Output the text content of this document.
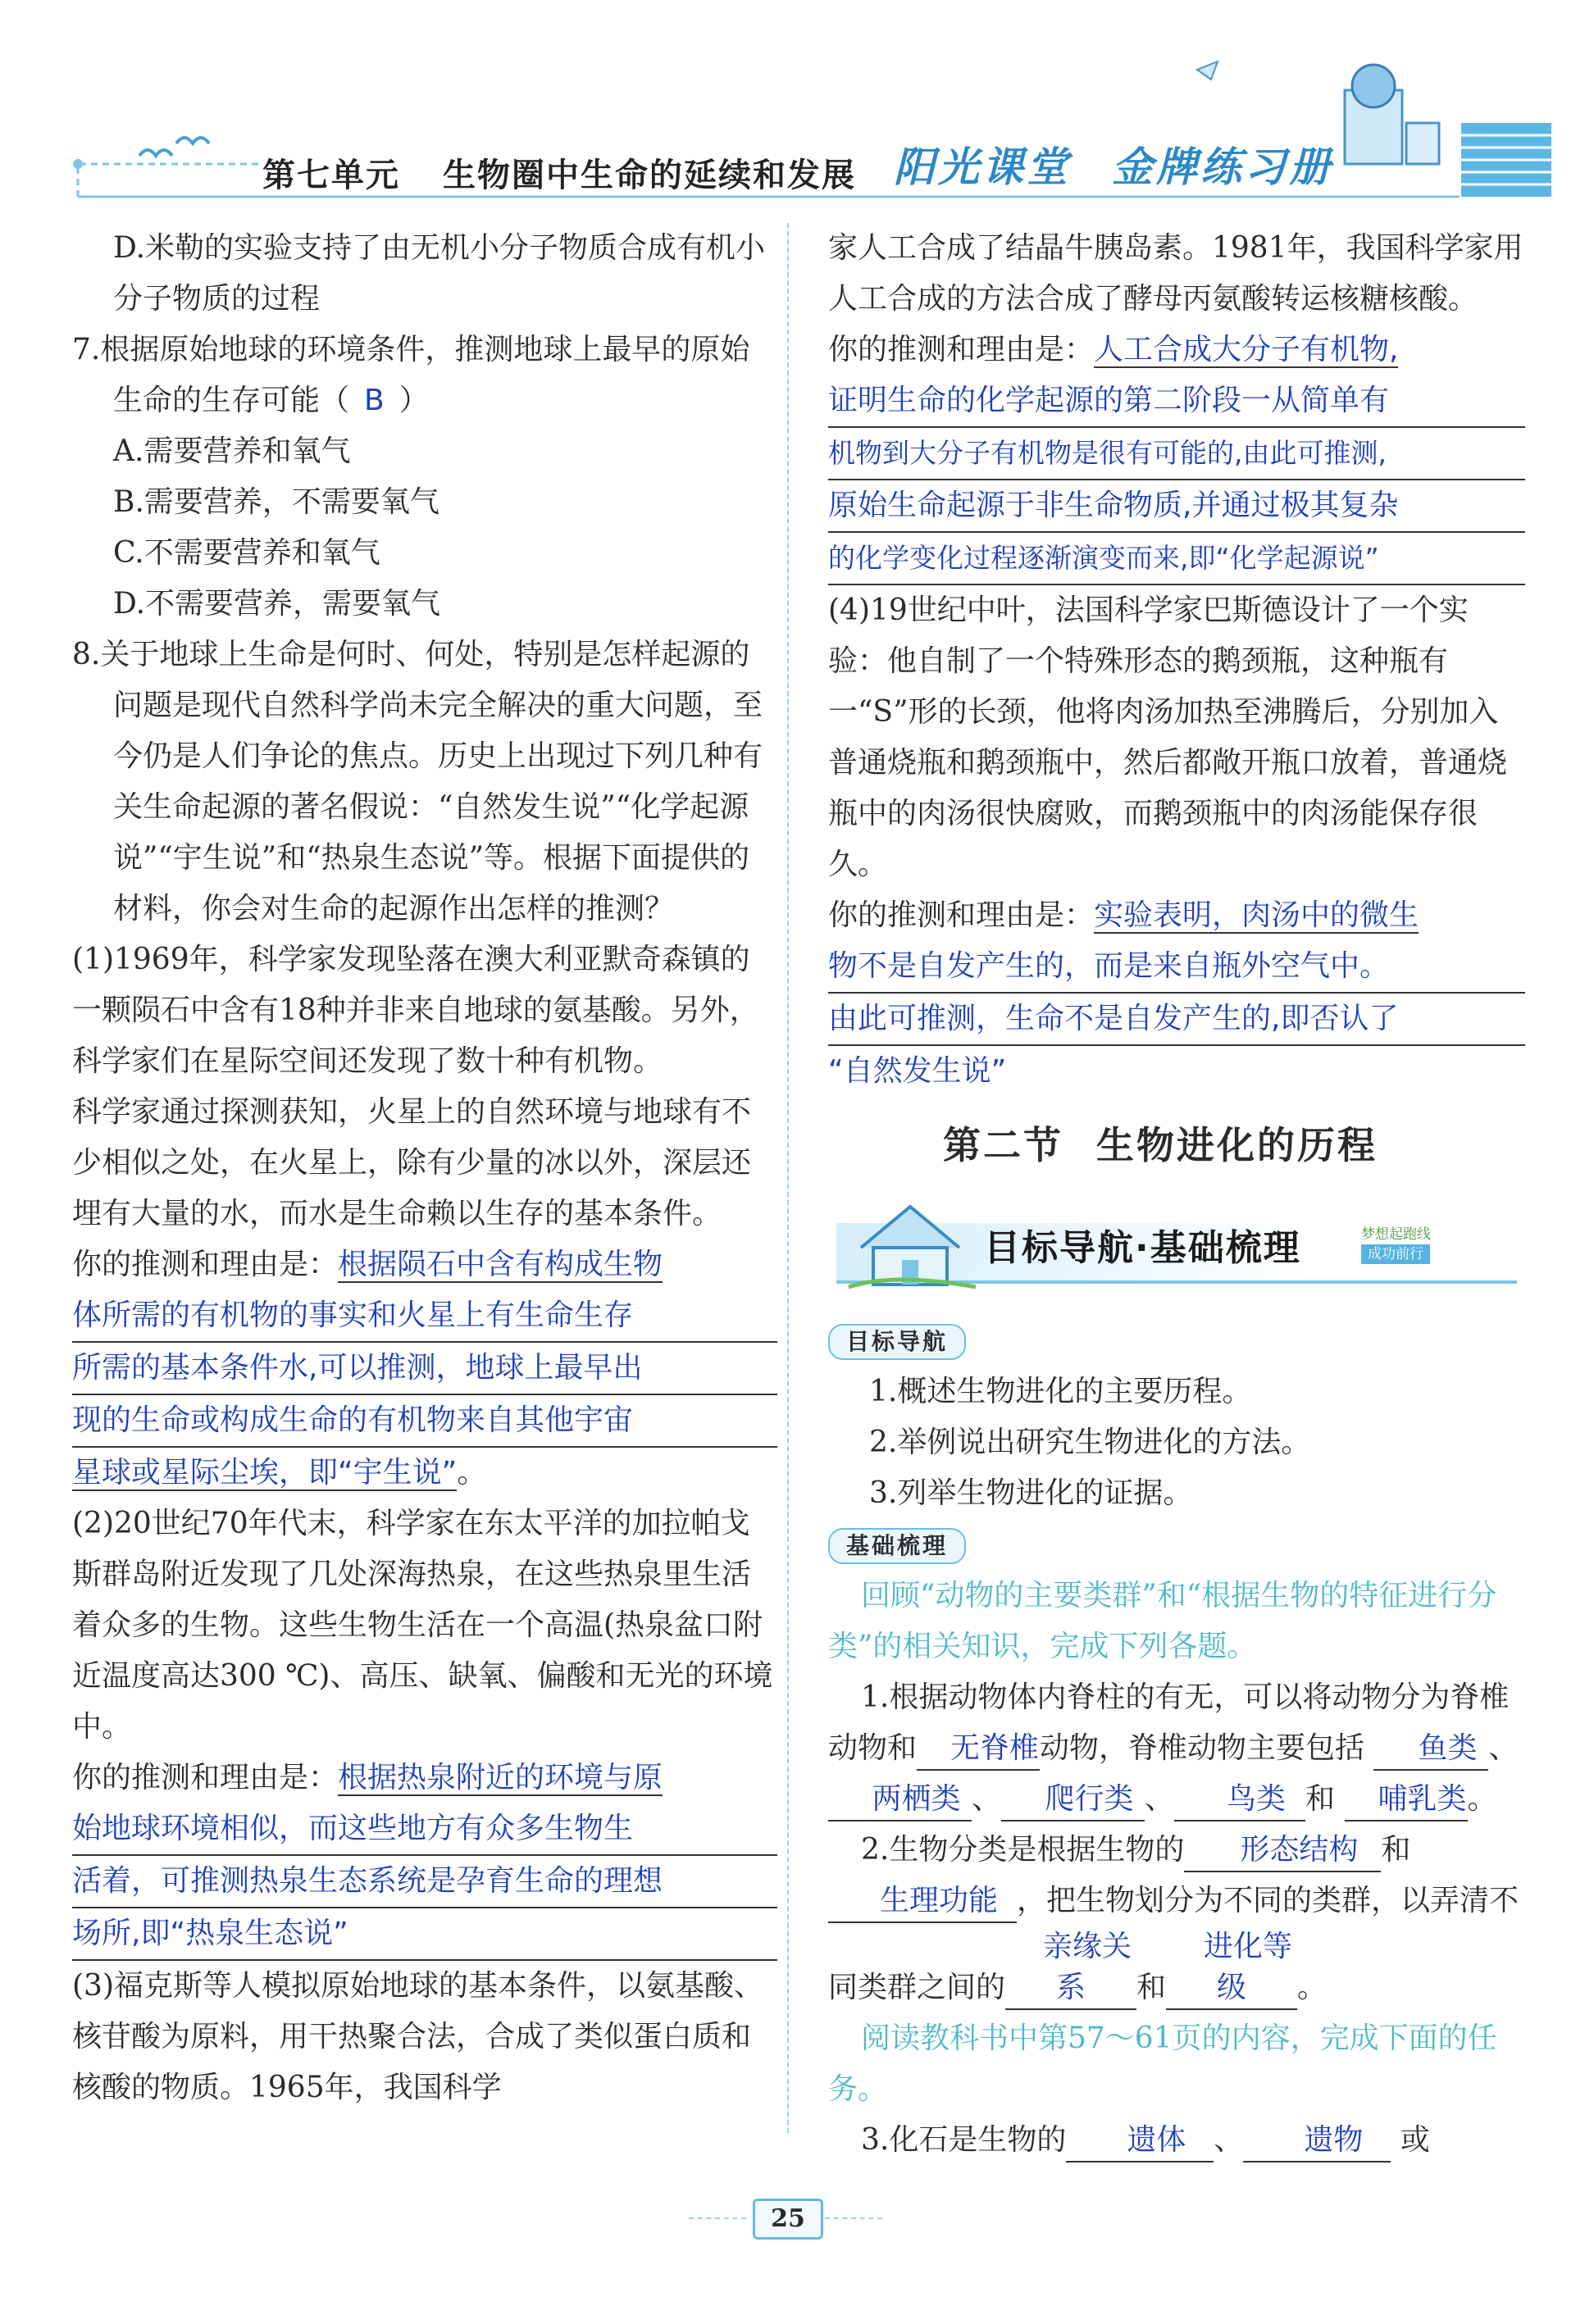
第七单元 生物圈中生命的延续和发展 阳光课堂 金牌练习册

D.米勒的实验支持了由无机小分子物质合成有机小分子物质的过程

7.根据原始地球的环境条件，推测地球上最早的原始生命的生存可能（ B ）

A.需要营养和氧气

B.需要营养，不需要氧气

C.不需要营养和氧气

D.不需要营养，需要氧气

8.关于地球上生命是何时、何处，特别是怎样起源的问题是现代自然科学尚未完全解决的重大问题，至今仍是人们争论的焦点。历史上出现过下列几种有关生命起源的著名假说：“自然发生说”“化学起源说”“宇生说”和“热泉生态说”等。根据下面提供的材料，你会对生命的起源作出怎样的推测？

(1)1969年，科学家发现坠落在澳大利亚默奇森镇的一颗陨石中含有18种并非来自地球的氨基酸。另外，科学家们在星际空间还发现了数十种有机物。

科学家通过探测获知，火星上的自然环境与地球有不少相似之处，在火星上，除有少量的冰以外，深层还埋有大量的水，而水是生命赖以生存的基本条件。

你的推测和理由是：根据陨石中含有构成生物
体所需的有机物的事实和火星上有生命生存
所需的基本条件水,可以推测，地球上最早出
现的生命或构成生命的有机物来自其他宇宙
星球或星际尘埃，即“宇生说”。

(2)20世纪70年代末，科学家在东太平洋的加拉帕戈斯群岛附近发现了几处深海热泉，在这些热泉里生活着众多的生物。这些生物生活在一个高温(热泉盆口附近温度高达300 ℃)、高压、缺氧、偏酸和无光的环境中。

你的推测和理由是：根据热泉附近的环境与原
始地球环境相似，而这些地方有众多生物生
活着，可推测热泉生态系统是孕育生命的理想
场所,即“热泉生态说”

(3)福克斯等人模拟原始地球的基本条件，以氨基酸、核苷酸为原料，用干热聚合法，合成了类似蛋白质和核酸的物质。1965年，我国科学

家人工合成了结晶牛胰岛素。1981年，我国科学家用人工合成的方法合成了酵母丙氨酸转运核糖核酸。

你的推测和理由是：人工合成大分子有机物,
证明生命的化学起源的第二阶段一从简单有
机物到大分子有机物是很有可能的,由此可推测,
原始生命起源于非生命物质,并通过极其复杂
的化学变化过程逐渐演变而来,即“化学起源说”

(4)19世纪中叶，法国科学家巴斯德设计了一个实验：他自制了一个特殊形态的鹅颈瓶，这种瓶有一“S”形的长颈，他将肉汤加热至沸腾后，分别加入普通烧瓶和鹅颈瓶中，然后都敞开瓶口放着，普通烧瓶中的肉汤很快腐败，而鹅颈瓶中的肉汤能保存很久。

你的推测和理由是：实验表明，肉汤中的微生
物不是自发产生的，而是来自瓶外空气中。
由此可推测，生命不是自发产生的,即否认了
“自然发生说”
第二节 生物进化的历程
目标导航·基础梳理	梦想起跑线
成功前行
目标导航

1.概述生物进化的主要历程。

2.举例说出研究生物进化的方法。

3.列举生物进化的证据。

基础梳理

回顾“动物的主要类群”和“根据生物的特征进行分类”的相关知识，完成下列各题。

1.根据动物体内脊柱的有无，可以将动物分为脊椎动物和 无脊椎动物，脊椎动物主要包括 鱼类 、两栖类 、 爬行类 、 鸟类 和 哺乳类。

2.生物分类是根据生物的 形态结构 和 生理功能 ，把生物划分为不同的类群，以弄清不同类群之间的亲缘关系 和进化等级 。

阅读教科书中第57～61页的内容，完成下面的任务。

3.化石是生物的 遗体 、 遗物 或

25
